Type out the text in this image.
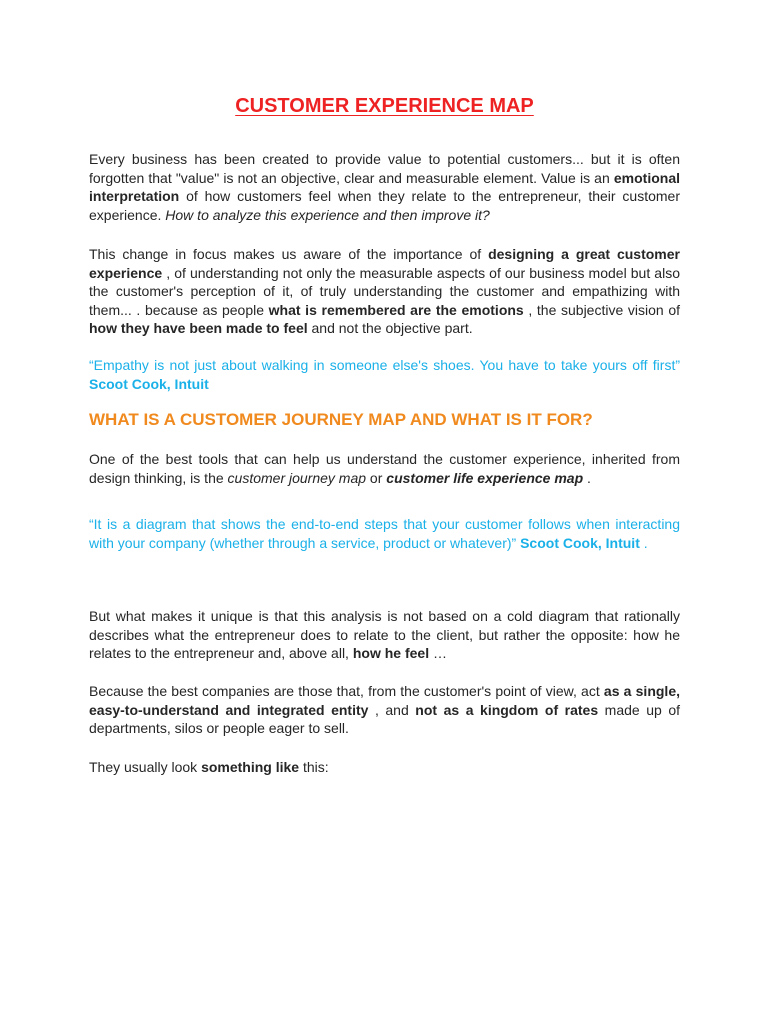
CUSTOMER EXPERIENCE MAP

Every business has been created to provide value to potential customers... but it is often forgotten that "value" is not an objective, clear and measurable element. Value is an emotional interpretation of how customers feel when they relate to the entrepreneur, their customer experience. How to analyze this experience and then improve it?

This change in focus makes us aware of the importance of designing a great customer experience , of understanding not only the measurable aspects of our business model but also the customer's perception of it, of truly understanding the customer and empathizing with them... . because as people what is remembered are the emotions , the subjective vision of how they have been made to feel and not the objective part.

“Empathy is not just about walking in someone else's shoes. You have to take yours off first” Scoot Cook, Intuit

WHAT IS A CUSTOMER JOURNEY MAP AND WHAT IS IT FOR?

One of the best tools that can help us understand the customer experience, inherited from design thinking, is the customer journey map or customer life experience map .

“It is a diagram that shows the end-to-end steps that your customer follows when interacting with your company (whether through a service, product or whatever)” Scoot Cook, Intuit .

But what makes it unique is that this analysis is not based on a cold diagram that rationally describes what the entrepreneur does to relate to the client, but rather the opposite: how he relates to the entrepreneur and, above all, how he feel …

Because the best companies are those that, from the customer's point of view, act as a single, easy-to-understand and integrated entity , and not as a kingdom of rates made up of departments, silos or people eager to sell.

They usually look something like this:
